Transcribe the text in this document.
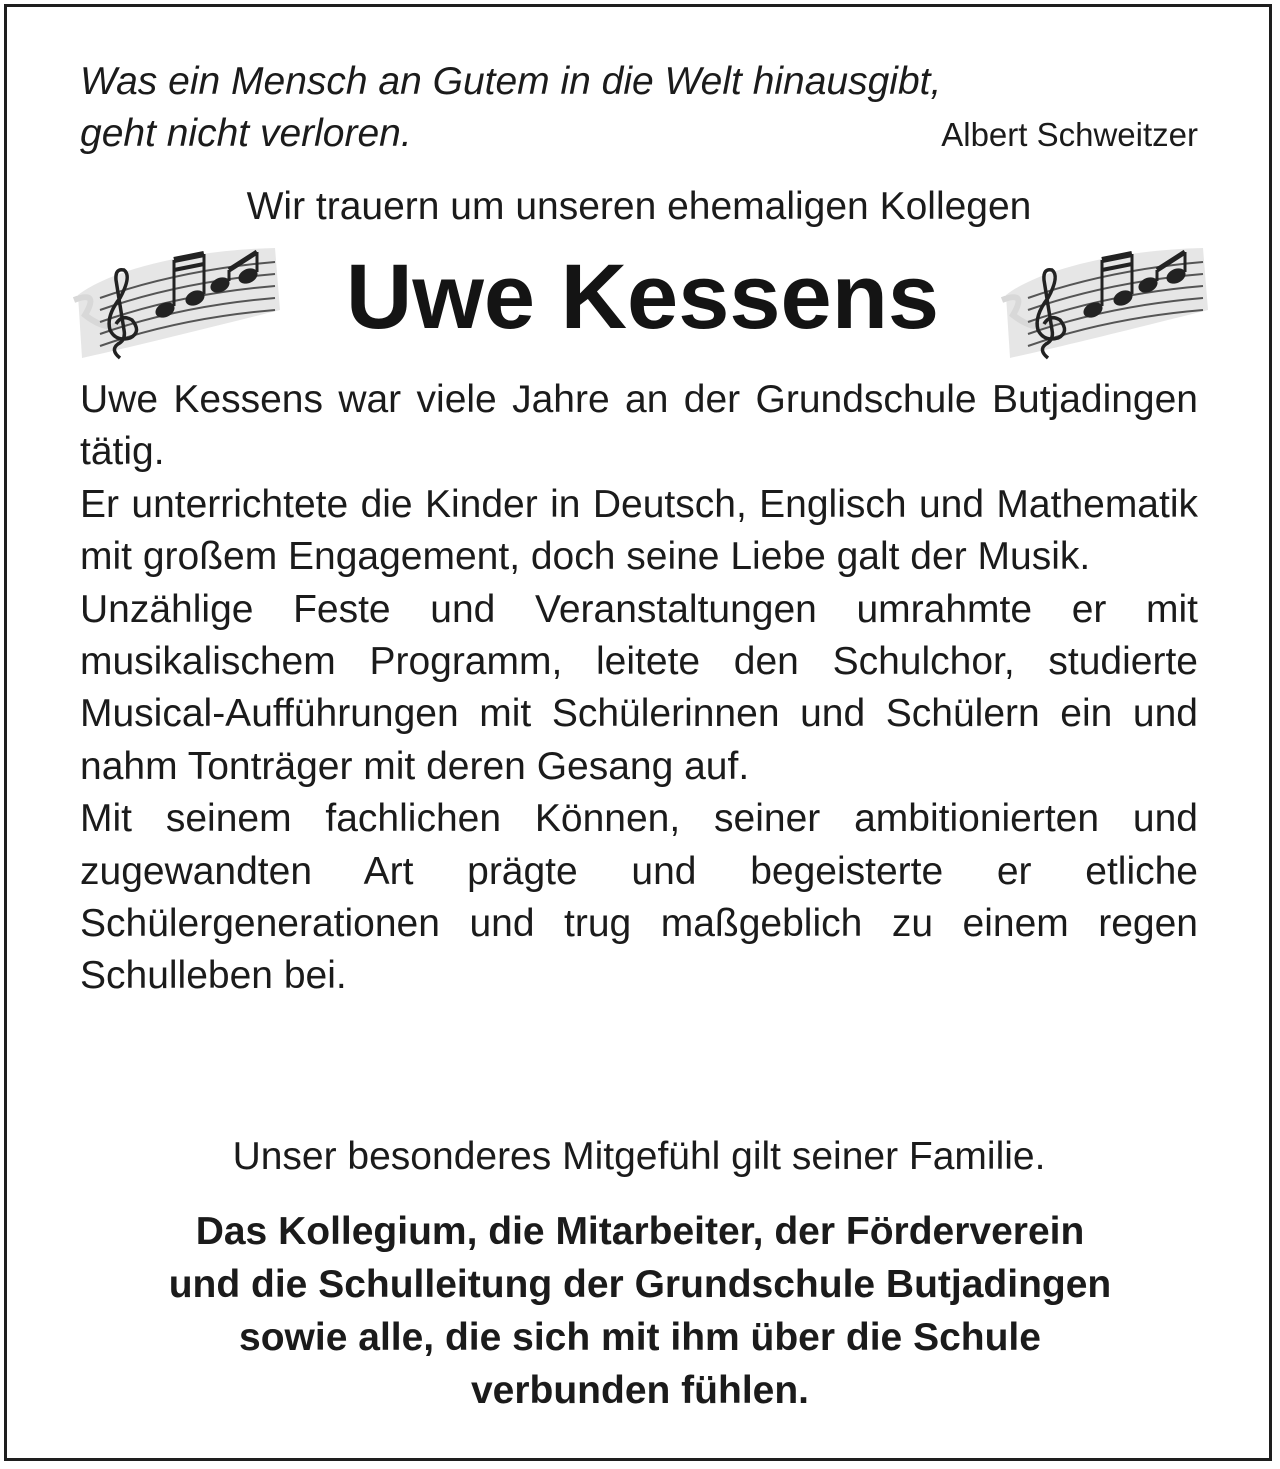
Was ein Mensch an Gutem in die Welt hinausgibt,
geht nicht verloren.	Albert Schweitzer
Wir trauern um unseren ehemaligen Kollegen
Uwe Kessens

Uwe Kessens war viele Jahre an der Grundschule Butjadingen tätig.

Er unterrichtete die Kinder in Deutsch, Englisch und Mathematik mit großem Engagement, doch seine Liebe galt der Musik.

Unzählige Feste und Veranstaltungen umrahmte er mit musikalischem Programm, leitete den Schulchor, studierte Musical-Aufführungen mit Schülerinnen und Schülern ein und nahm Tonträger mit deren Gesang auf.

Mit seinem fachlichen Können, seiner ambitionierten und zugewandten Art prägte und begeisterte er etliche Schülergenerationen und trug maßgeblich zu einem regen Schulleben bei.

Unser besonderes Mitgefühl gilt seiner Familie.
Das Kollegium, die Mitarbeiter, der Förderverein
und die Schulleitung der Grundschule Butjadingen
sowie alle, die sich mit ihm über die Schule
verbunden fühlen.
